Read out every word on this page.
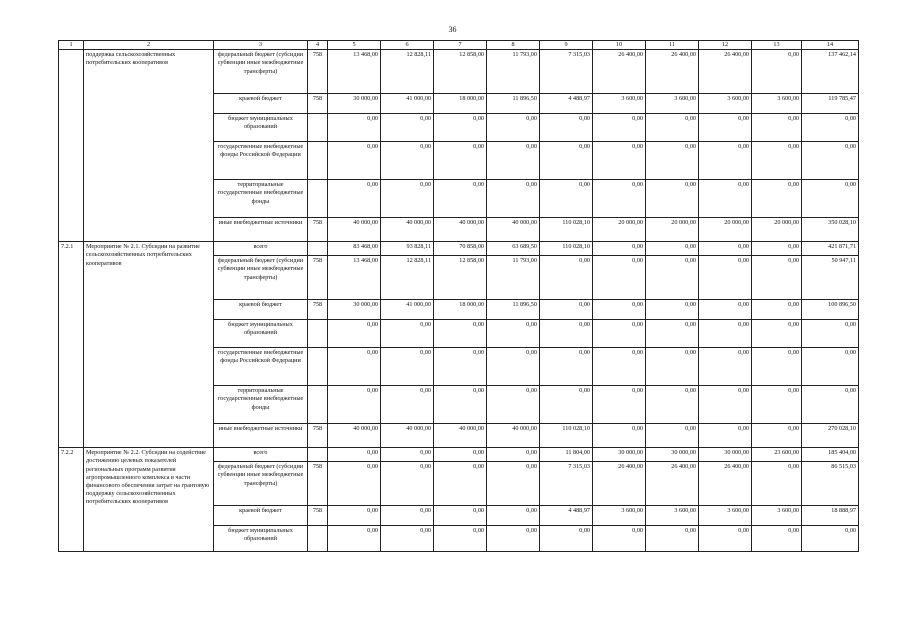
36
1	2	3	4	5	6	7	8	9	10	11	12	13	14
	поддержка сельскохозяйственных потребительских кооперативов	федеральный бюджет (субсидии субвенции иные межбюджетные трансферты)	758	13 468,00	12 828,11	12 858,00	11 793,00	7 315,03	26 400,00	26 400,00	26 400,00	0,00	137 462,14
		краевой бюджет	758	30 000,00	41 000,00	18 000,00	11 896,50	4 488,97	3 600,00	3 600,00	3 600,00	3 600,00	119 785,47
		бюджет муниципальных образований		0,00	0,00	0,00	0,00	0,00	0,00	0,00	0,00	0,00	0,00
		государственные внебюджетные фонды Российской Федерации		0,00	0,00	0,00	0,00	0,00	0,00	0,00	0,00	0,00	0,00
		территориальные государственные внебюджетные фонды		0,00	0,00	0,00	0,00	0,00	0,00	0,00	0,00	0,00	0,00
		иные внебюджетные источники	758	40 000,00	40 000,00	40 000,00	40 000,00	110 028,10	20 000,00	20 000,00	20 000,00	20 000,00	350 028,10
7.2.1	Мероприятие № 2.1. Субсидии на развитие сельскохозяйственных потребительских кооперативов	всего		83 468,00	93 828,11	70 858,00	63 689,50	110 028,10	0,00	0,00	0,00	0,00	421 871,71
		федеральный бюджет (субсидии субвенции иные межбюджетные трансферты)	758	13 468,00	12 828,11	12 858,00	11 793,00	0,00	0,00	0,00	0,00	0,00	50 947,11
		краевой бюджет	758	30 000,00	41 000,00	18 000,00	11 896,50	0,00	0,00	0,00	0,00	0,00	100 896,50
		бюджет муниципальных образований		0,00	0,00	0,00	0,00	0,00	0,00	0,00	0,00	0,00	0,00
		государственные внебюджетные фонды Российской Федерации		0,00	0,00	0,00	0,00	0,00	0,00	0,00	0,00	0,00	0,00
		территориальные государственные внебюджетные фонды		0,00	0,00	0,00	0,00	0,00	0,00	0,00	0,00	0,00	0,00
		иные внебюджетные источники	758	40 000,00	40 000,00	40 000,00	40 000,00	110 028,10	0,00	0,00	0,00	0,00	270 028,10
7.2.2	Мероприятие № 2.2. Субсидии на содействие достижению целевых показателей региональных программ развития агропромышленного комплекса в части финансового обеспечения затрат на грантовую поддержку сельскохозяйственных потребительских кооперативов	всего		0,00	0,00	0,00	0,00	11 804,00	30 000,00	30 000,00	30 000,00	23 600,00	185 404,00
		федеральный бюджет (субсидии субвенции иные межбюджетные трансферты)	758	0,00	0,00	0,00	0,00	7 315,03	26 400,00	26 400,00	26 400,00	0,00	86 515,03
		краевой бюджет	758	0,00	0,00	0,00	0,00	4 488,97	3 600,00	3 600,00	3 600,00	3 600,00	18 888,97
		бюджет муниципальных образований		0,00	0,00	0,00	0,00	0,00	0,00	0,00	0,00	0,00	0,00
